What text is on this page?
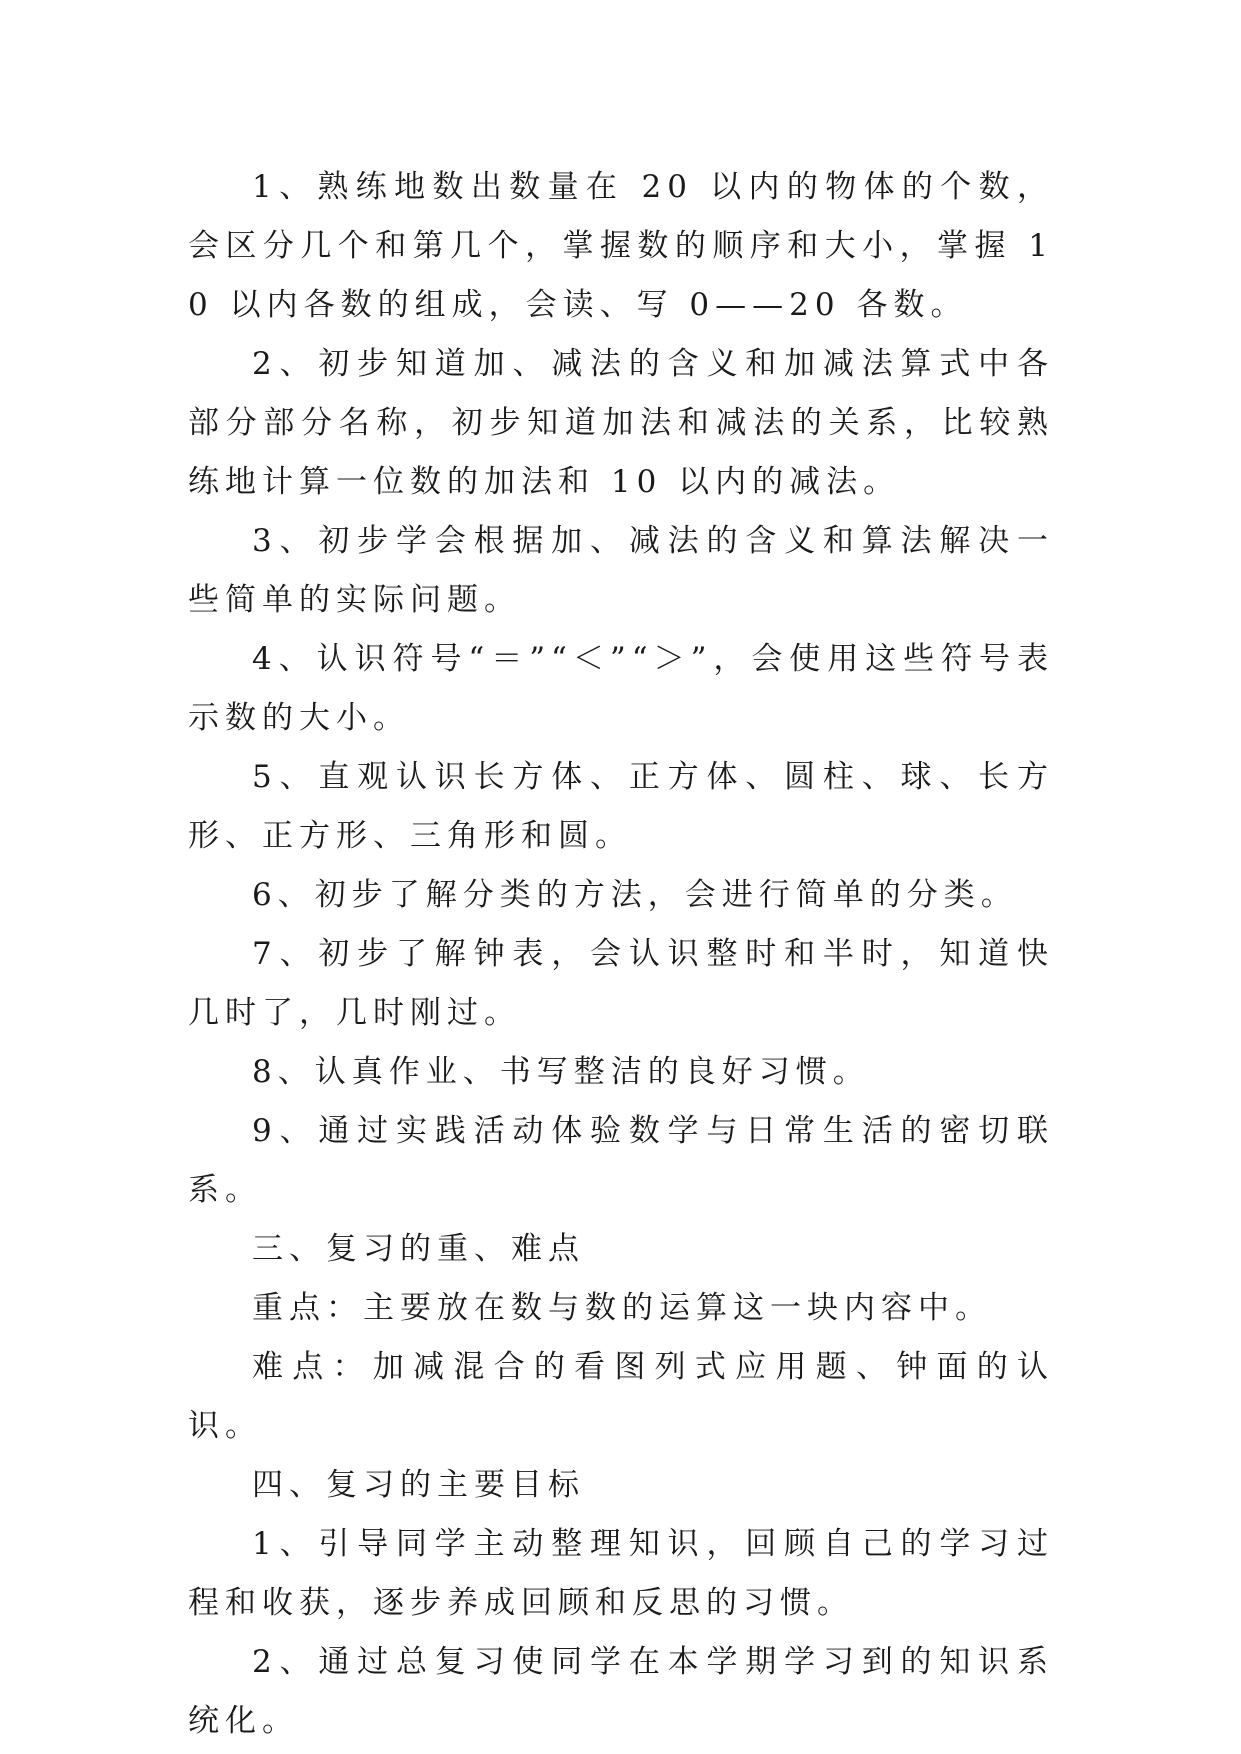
1、熟练地数出数量在 20 以内的物体的个数，会区分几个和第几个，掌握数的顺序和大小，掌握 10 以内各数的组成，会读、写 0——20 各数。

2、初步知道加、减法的含义和加减法算式中各部分部分名称，初步知道加法和减法的关系，比较熟练地计算一位数的加法和 10 以内的减法。

3、初步学会根据加、减法的含义和算法解决一些简单的实际问题。

4、认识符号“＝”“＜”“＞”，会使用这些符号表示数的大小。

5、直观认识长方体、正方体、圆柱、球、长方形、正方形、三角形和圆。

6、初步了解分类的方法，会进行简单的分类。

7、初步了解钟表，会认识整时和半时，知道快几时了，几时刚过。

8、认真作业、书写整洁的良好习惯。

9、通过实践活动体验数学与日常生活的密切联系。

三、复习的重、难点

重点：主要放在数与数的运算这一块内容中。

难点：加减混合的看图列式应用题、钟面的认识。

四、复习的主要目标

1、引导同学主动整理知识，回顾自己的学习过程和收获，逐步养成回顾和反思的习惯。

2、通过总复习使同学在本学期学习到的知识系统化。
